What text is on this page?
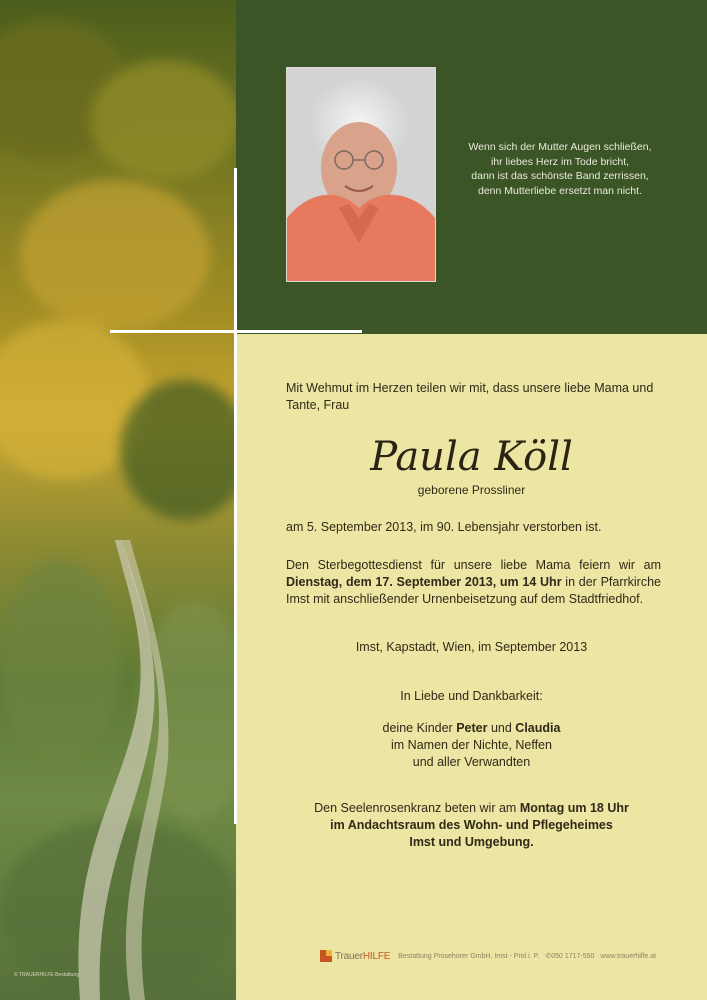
© TRAUERHILFE Bestattung
Wenn sich der Mutter Augen schließen,
ihr liebes Herz im Tode bricht,
dann ist das schönste Band zerrissen,
denn Mutterliebe ersetzt man nicht.
Mit Wehmut im Herzen teilen wir mit, dass unsere liebe Mama und Tante, Frau
Paula Köll
geborene Prossliner
am 5. September 2013, im 90. Lebensjahr verstorben ist.
Den Sterbegottesdienst für unsere liebe Mama feiern wir am Dienstag, dem 17. September 2013, um 14 Uhr in der Pfarrkirche Imst mit anschließender Urnenbeisetzung auf dem Stadtfriedhof.
Imst, Kapstadt, Wien, im September 2013
In Liebe und Dankbarkeit:
deine Kinder Peter und Claudia
im Namen der Nichte, Neffen
und aller Verwandten
Den Seelenrosenkranz beten wir am Montag um 18 Uhr
im Andachtsraum des Wohn- und Pflegeheimes
Imst und Umgebung.
TrauerHILFE Bestattung Prosehorer GmbH, Imst - Prol i. P. ✆050 1717-550 www.trauerhilfe.at
